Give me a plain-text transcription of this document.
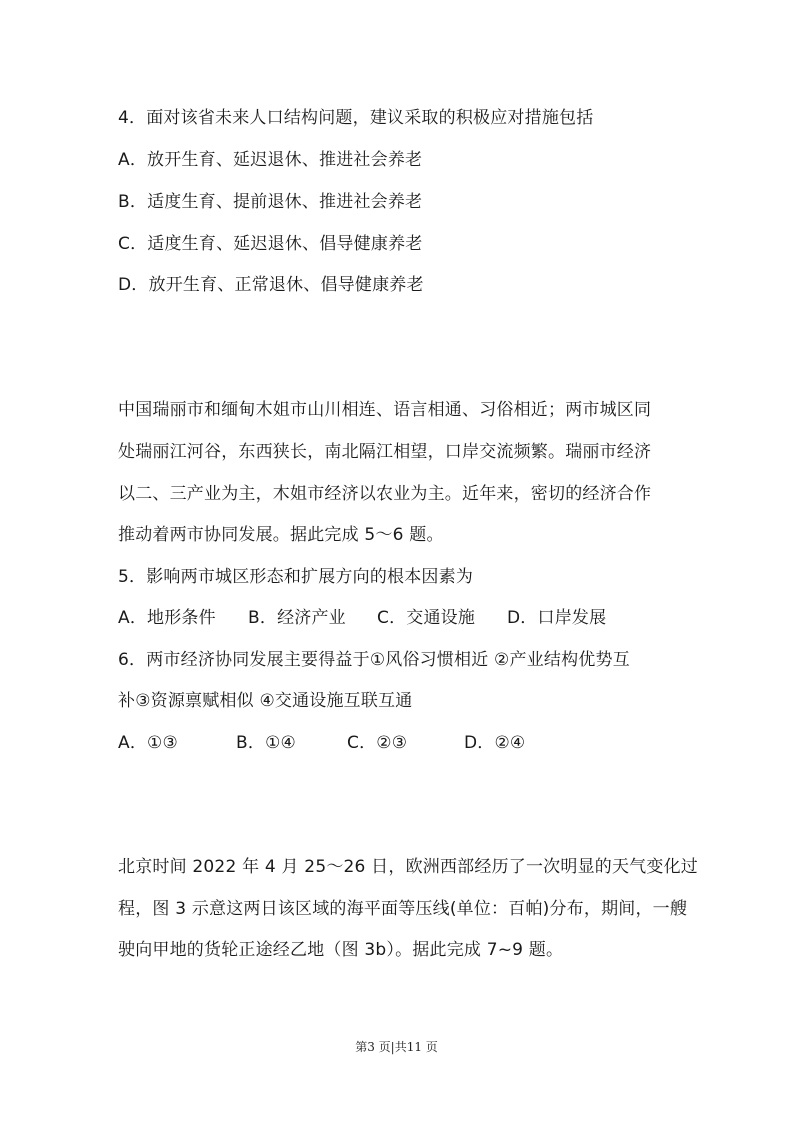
4．面对该省未来人口结构问题，建议采取的积极应对措施包括
A．放开生育、延迟退休、推进社会养老
B．适度生育、提前退休、推进社会养老
C．适度生育、延迟退休、倡导健康养老
D．放开生育、正常退休、倡导健康养老
中国瑞丽市和缅甸木姐市山川相连、语言相通、习俗相近；两市城区同
处瑞丽江河谷，东西狭长，南北隔江相望，口岸交流频繁。瑞丽市经济
以二、三产业为主，木姐市经济以农业为主。近年来，密切的经济合作
推动着两市协同发展。据此完成 5～6 题。
5．影响两市城区形态和扩展方向的根本因素为
A．地形条件	B．经济产业	C．交通设施	D．口岸发展
6．两市经济协同发展主要得益于①风俗习惯相近 ②产业结构优势互
补③资源禀赋相似 ④交通设施互联互通
A．①③	B．①④	C．②③	D．②④
北京时间 2022 年 4 月 25～26 日，欧洲西部经历了一次明显的天气变化过
程，图 3 示意这两日该区域的海平面等压线(单位：百帕)分布，期间，一艘
驶向甲地的货轮正途经乙地（图 3b）。据此完成 7~9 题。
第3 页|共11 页
